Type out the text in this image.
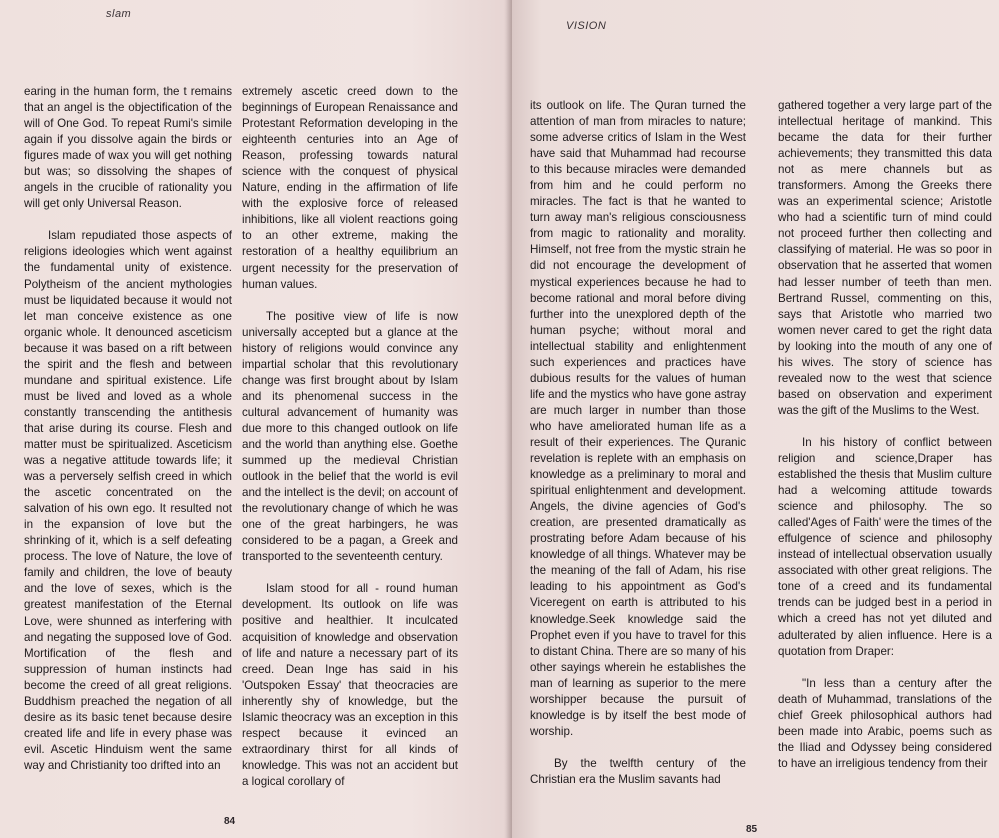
slam

earing in the human form, the t remains that an angel is the objectification of the will of One God. To repeat Rumi's simile again if you dissolve again the birds or figures made of wax you will get nothing but was; so dissolving the shapes of angels in the crucible of rationality you will get only Universal Reason.

Islam repudiated those aspects of religions ideologies which went against the fundamental unity of existence. Polytheism of the ancient mythologies must be liquidated because it would not let man conceive existence as one organic whole. It denounced asceticism because it was based on a rift between the spirit and the flesh and between mundane and spiritual existence. Life must be lived and loved as a whole constantly transcending the antithesis that arise during its course. Flesh and matter must be spiritualized. Asceticism was a negative attitude towards life; it was a perversely selfish creed in which the ascetic concentrated on the salvation of his own ego. It resulted not in the expansion of love but the shrinking of it, which is a self defeating process. The love of Nature, the love of family and children, the love of beauty and the love of sexes, which is the greatest manifestation of the Eternal Love, were shunned as interfering with and negating the supposed love of God. Mortification of the flesh and suppression of human instincts had become the creed of all great religions. Buddhism preached the negation of all desire as its basic tenet because desire created life and life in every phase was evil. Ascetic Hinduism went the same way and Christianity too drifted into an

extremely ascetic creed down to the beginnings of European Renaissance and Protestant Reformation developing in the eighteenth centuries into an Age of Reason, professing towards natural science with the conquest of physical Nature, ending in the affirmation of life with the explosive force of released inhibitions, like all violent reactions going to an other extreme, making the restoration of a healthy equilibrium an urgent necessity for the preservation of human values.

The positive view of life is now universally accepted but a glance at the history of religions would convince any impartial scholar that this revolutionary change was first brought about by Islam and its phenomenal success in the cultural advancement of humanity was due more to this changed outlook on life and the world than anything else. Goethe summed up the medieval Christian outlook in the belief that the world is evil and the intellect is the devil; on account of the revolutionary change of which he was one of the great harbingers, he was considered to be a pagan, a Greek and transported to the seventeenth century.

Islam stood for all - round human development. Its outlook on life was positive and healthier. It inculcated acquisition of knowledge and observation of life and nature a necessary part of its creed. Dean Inge has said in his 'Outspoken Essay' that theocracies are inherently shy of knowledge, but the Islamic theocracy was an exception in this respect because it evinced an extraordinary thirst for all kinds of knowledge. This was not an accident but a logical corollary of

84
VISION

its outlook on life. The Quran turned the attention of man from miracles to nature; some adverse critics of Islam in the West have said that Muhammad had recourse to this because miracles were demanded from him and he could perform no miracles. The fact is that he wanted to turn away man's religious consciousness from magic to rationality and morality. Himself, not free from the mystic strain he did not encourage the development of mystical experiences because he had to become rational and moral before diving further into the unexplored depth of the human psyche; without moral and intellectual stability and enlightenment such experiences and practices have dubious results for the values of human life and the mystics who have gone astray are much larger in number than those who have ameliorated human life as a result of their experiences. The Quranic revelation is replete with an emphasis on knowledge as a preliminary to moral and spiritual enlightenment and development. Angels, the divine agencies of God's creation, are presented dramatically as prostrating before Adam because of his knowledge of all things. Whatever may be the meaning of the fall of Adam, his rise leading to his appointment as God's Viceregent on earth is attributed to his knowledge.Seek knowledge said the Prophet even if you have to travel for this to distant China. There are so many of his other sayings wherein he establishes the man of learning as superior to the mere worshipper because the pursuit of knowledge is by itself the best mode of worship.

By the twelfth century of the Christian era the Muslim savants had

gathered together a very large part of the intellectual heritage of mankind. This became the data for their further achievements; they transmitted this data not as mere channels but as transformers. Among the Greeks there was an experimental science; Aristotle who had a scientific turn of mind could not proceed further then collecting and classifying of material. He was so poor in observation that he asserted that women had lesser number of teeth than men. Bertrand Russel, commenting on this, says that Aristotle who married two women never cared to get the right data by looking into the mouth of any one of his wives. The story of science has revealed now to the west that science based on observation and experiment was the gift of the Muslims to the West.

In his history of conflict between religion and science,Draper has established the thesis that Muslim culture had a welcoming attitude towards science and philosophy. The so called'Ages of Faith' were the times of the effulgence of science and philosophy instead of intellectual observation usually associated with other great religions. The tone of a creed and its fundamental trends can be judged best in a period in which a creed has not yet diluted and adulterated by alien influence. Here is a quotation from Draper:

"In less than a century after the death of Muhammad, translations of the chief Greek philosophical authors had been made into Arabic, poems such as the Iliad and Odyssey being considered to have an irreligious tendency from their

85
